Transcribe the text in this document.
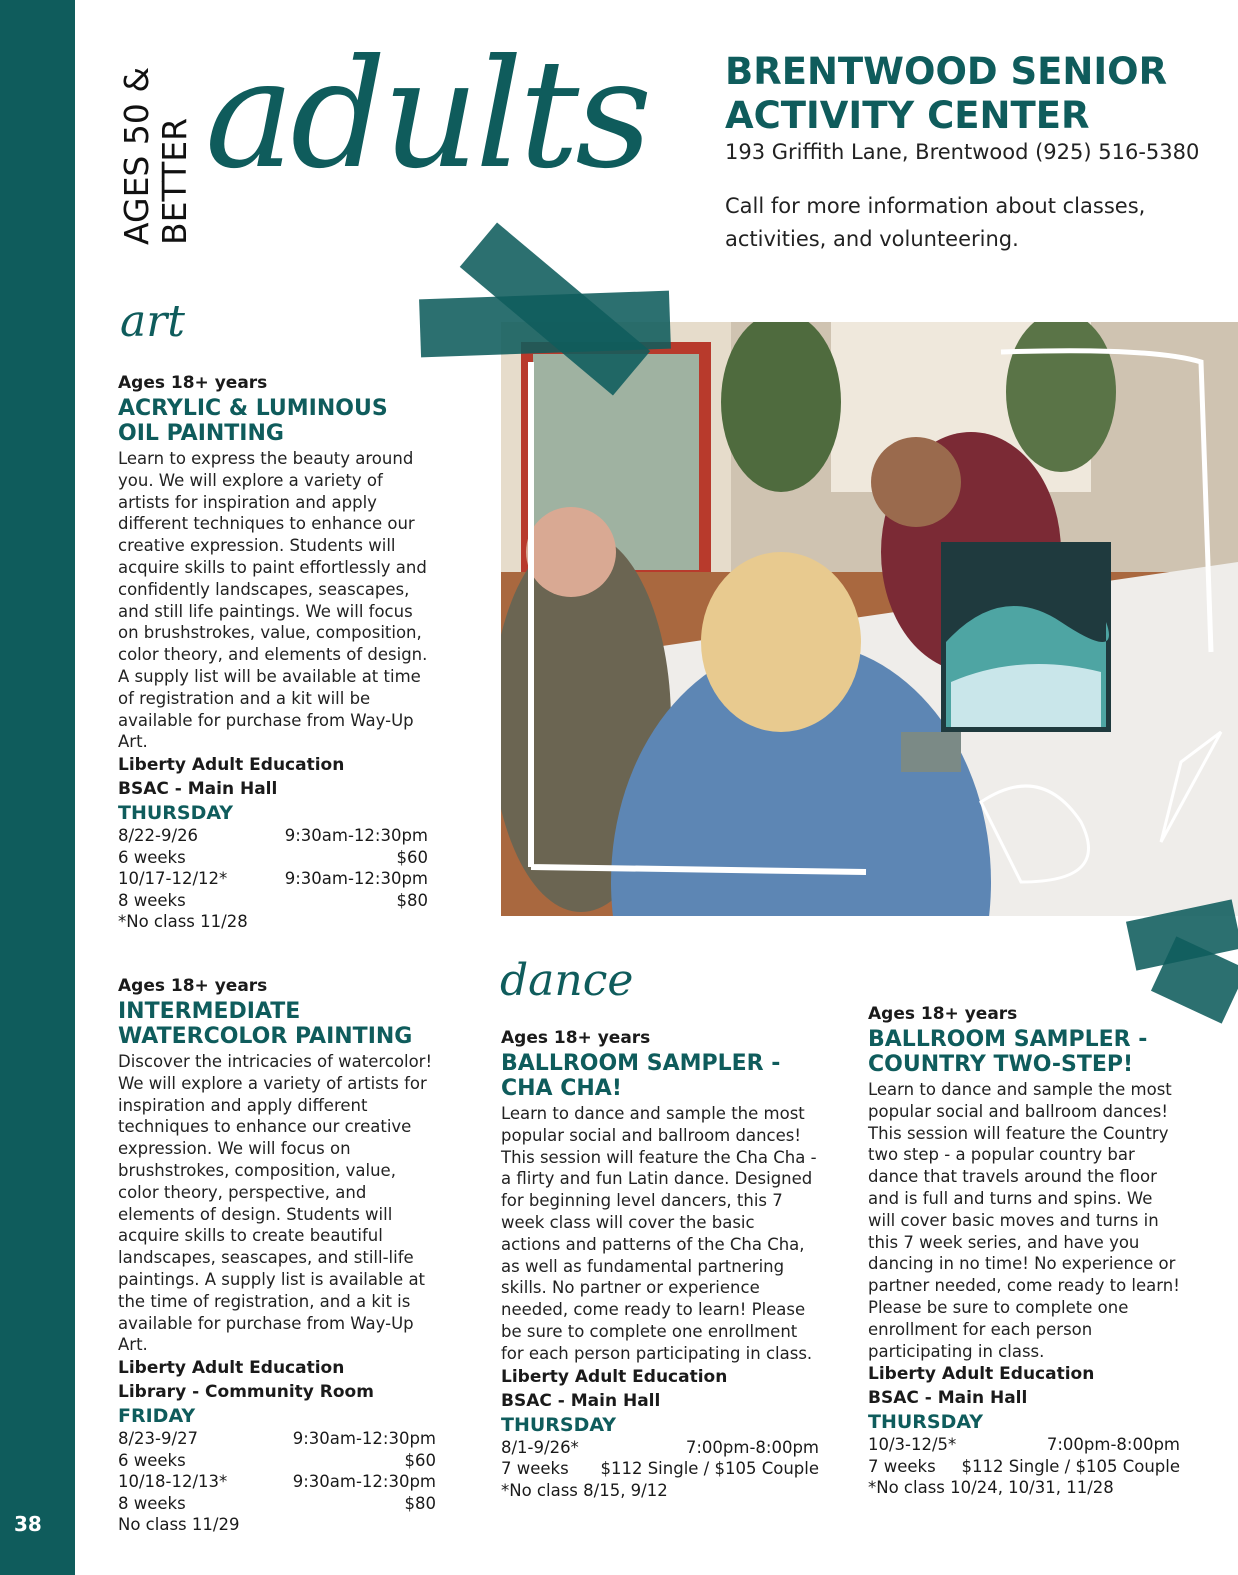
38
AGES 50 & BETTER adults BRENTWOOD SENIOR ACTIVITY CENTER
193 Griffith Lane, Brentwood (925) 516-5380
Call for more information about classes, activities, and volunteering.
art
dance

Ages 18+ years

ACRYLIC & LUMINOUS OIL PAINTING

Learn to express the beauty around you. We will explore a variety of artists for inspiration and apply different techniques to enhance our creative expression. Students will acquire skills to paint effortlessly and confidently landscapes, seascapes, and still life paintings. We will focus on brushstrokes, value, composition, color theory, and elements of design. A supply list will be available at time of registration and a kit will be available for purchase from Way-Up Art.

Liberty Adult Education

BSAC - Main Hall

THURSDAY

8/22-9/26	9:30am-12:30pm
6 weeks	$60
10/17-12/12*	9:30am-12:30pm
8 weeks	$80
*No class 11/28

Ages 18+ years

INTERMEDIATE WATERCOLOR PAINTING

Discover the intricacies of watercolor! We will explore a variety of artists for inspiration and apply different techniques to enhance our creative expression. We will focus on brushstrokes, composition, value, color theory, perspective, and elements of design. Students will acquire skills to create beautiful landscapes, seascapes, and still-life paintings. A supply list is available at the time of registration, and a kit is available for purchase from Way-Up Art.

Liberty Adult Education

Library - Community Room

FRIDAY

8/23-9/27	9:30am-12:30pm
6 weeks	$60
10/18-12/13*	9:30am-12:30pm
8 weeks	$80
No class 11/29

Ages 18+ years

BALLROOM SAMPLER - CHA CHA!

Learn to dance and sample the most popular social and ballroom dances! This session will feature the Cha Cha - a flirty and fun Latin dance. Designed for beginning level dancers, this 7 week class will cover the basic actions and patterns of the Cha Cha, as well as fundamental partnering skills. No partner or experience needed, come ready to learn! Please be sure to complete one enrollment for each person participating in class.

Liberty Adult Education

BSAC - Main Hall

THURSDAY

8/1-9/26*	7:00pm-8:00pm
7 weeks $112 Single / $105 Couple
*No class 8/15, 9/12

Ages 18+ years

BALLROOM SAMPLER - COUNTRY TWO-STEP!

Learn to dance and sample the most popular social and ballroom dances! This session will feature the Country two step - a popular country bar dance that travels around the floor and is full and turns and spins. We will cover basic moves and turns in this 7 week series, and have you dancing in no time! No experience or partner needed, come ready to learn! Please be sure to complete one enrollment for each person participating in class.

Liberty Adult Education

BSAC - Main Hall

THURSDAY

10/3-12/5*	7:00pm-8:00pm
7 weeks $112 Single / $105 Couple
*No class 10/24, 10/31, 11/28
